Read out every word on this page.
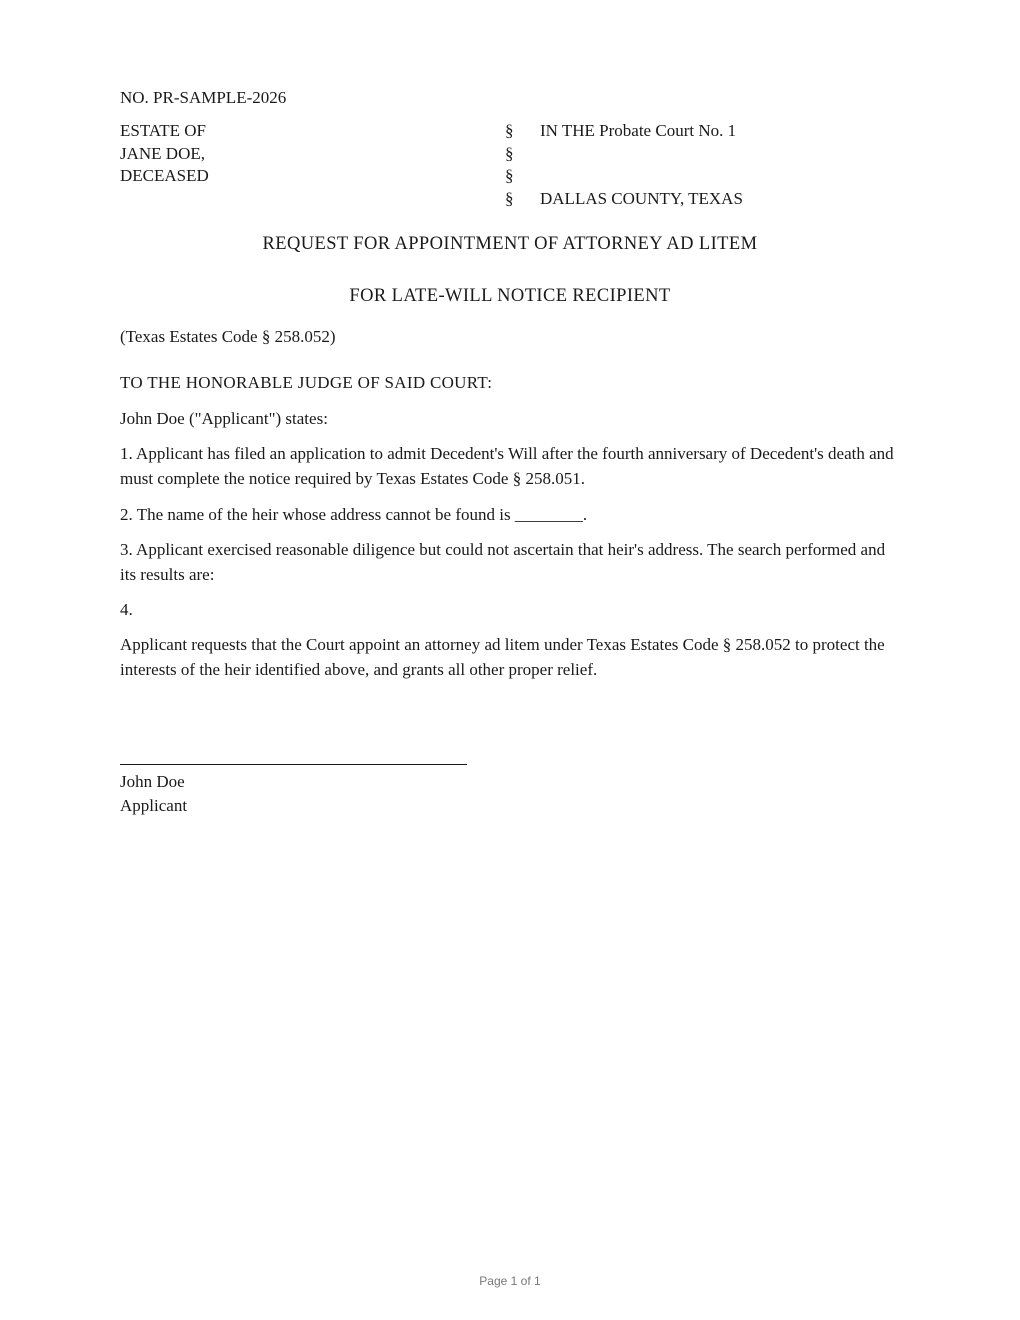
NO. PR-SAMPLE-2026
ESTATE OF
JANE DOE,
DECEASED
§
§
§
§
IN THE Probate Court No. 1
DALLAS COUNTY, TEXAS
REQUEST FOR APPOINTMENT OF ATTORNEY AD LITEM
FOR LATE-WILL NOTICE RECIPIENT
(Texas Estates Code § 258.052)
TO THE HONORABLE JUDGE OF SAID COURT:
John Doe ("Applicant") states:
1. Applicant has filed an application to admit Decedent's Will after the fourth anniversary of Decedent's death and must complete the notice required by Texas Estates Code § 258.051.
2. The name of the heir whose address cannot be found is ________.
3. Applicant exercised reasonable diligence but could not ascertain that heir's address. The search performed and its results are:
4.
Applicant requests that the Court appoint an attorney ad litem under Texas Estates Code § 258.052 to protect the interests of the heir identified above, and grants all other proper relief.
John Doe
Applicant
Page 1 of 1
